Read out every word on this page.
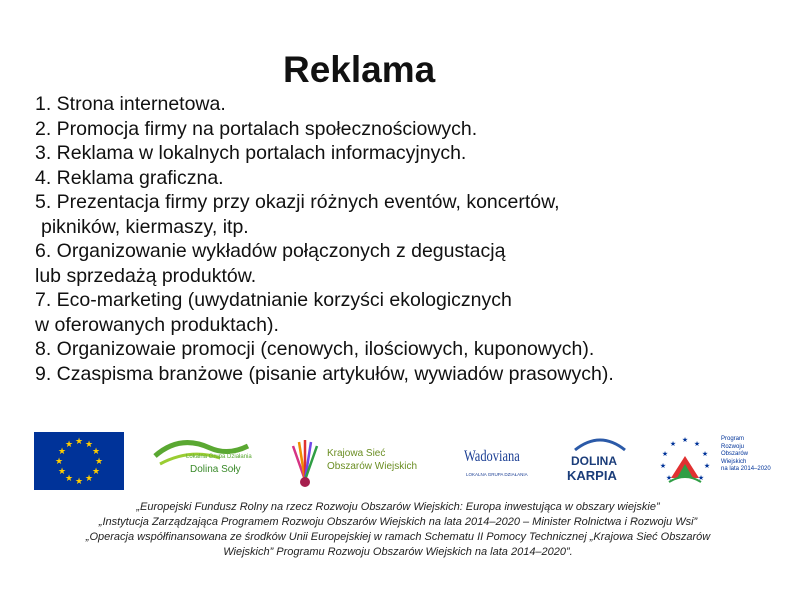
Reklama
1. Strona internetowa.
2. Promocja firmy na portalach społecznościowych.
3. Reklama w lokalnych portalach informacyjnych.
4. Reklama graficzna.
5. Prezentacja firmy przy okazji różnych eventów, koncertów,
pikników, kiermaszy, itp.
6. Organizowanie wykładów połączonych z degustacją
lub sprzedażą produktów.
7. Eco-marketing (uwydatnianie korzyści ekologicznych
w oferowanych produktach).
8. Organizowaie promocji (cenowych, ilościowych, kuponowych).
9. Czaspisma branżowe (pisanie artykułów, wywiadów prasowych).
★ ★
★
★
★
★
★
★
★
★
★
★
Lokalna Grupa Działania
Dolina Soły
Krajowa Sieć
Obszarów Wiejskich
Wadoviana
LOKALNA GRUPA DZIAŁANIA
DOLINA
KARPIA
★ ★
★
★
★
★
★
★
★
Program
Rozwoju
Obszarów
Wiejskich
na lata 2014–2020
„Europejski Fundusz Rolny na rzecz Rozwoju Obszarów Wiejskich: Europa inwestująca w obszary wiejskie”
„Instytucja Zarządzająca Programem Rozwoju Obszarów Wiejskich na lata 2014–2020 – Minister Rolnictwa i Rozwoju Wsi”
„Operacja współfinansowana ze środków Unii Europejskiej w ramach Schematu II Pomocy Technicznej „Krajowa Sieć Obszarów
Wiejskich” Programu Rozwoju Obszarów Wiejskich na lata 2014–2020”.
